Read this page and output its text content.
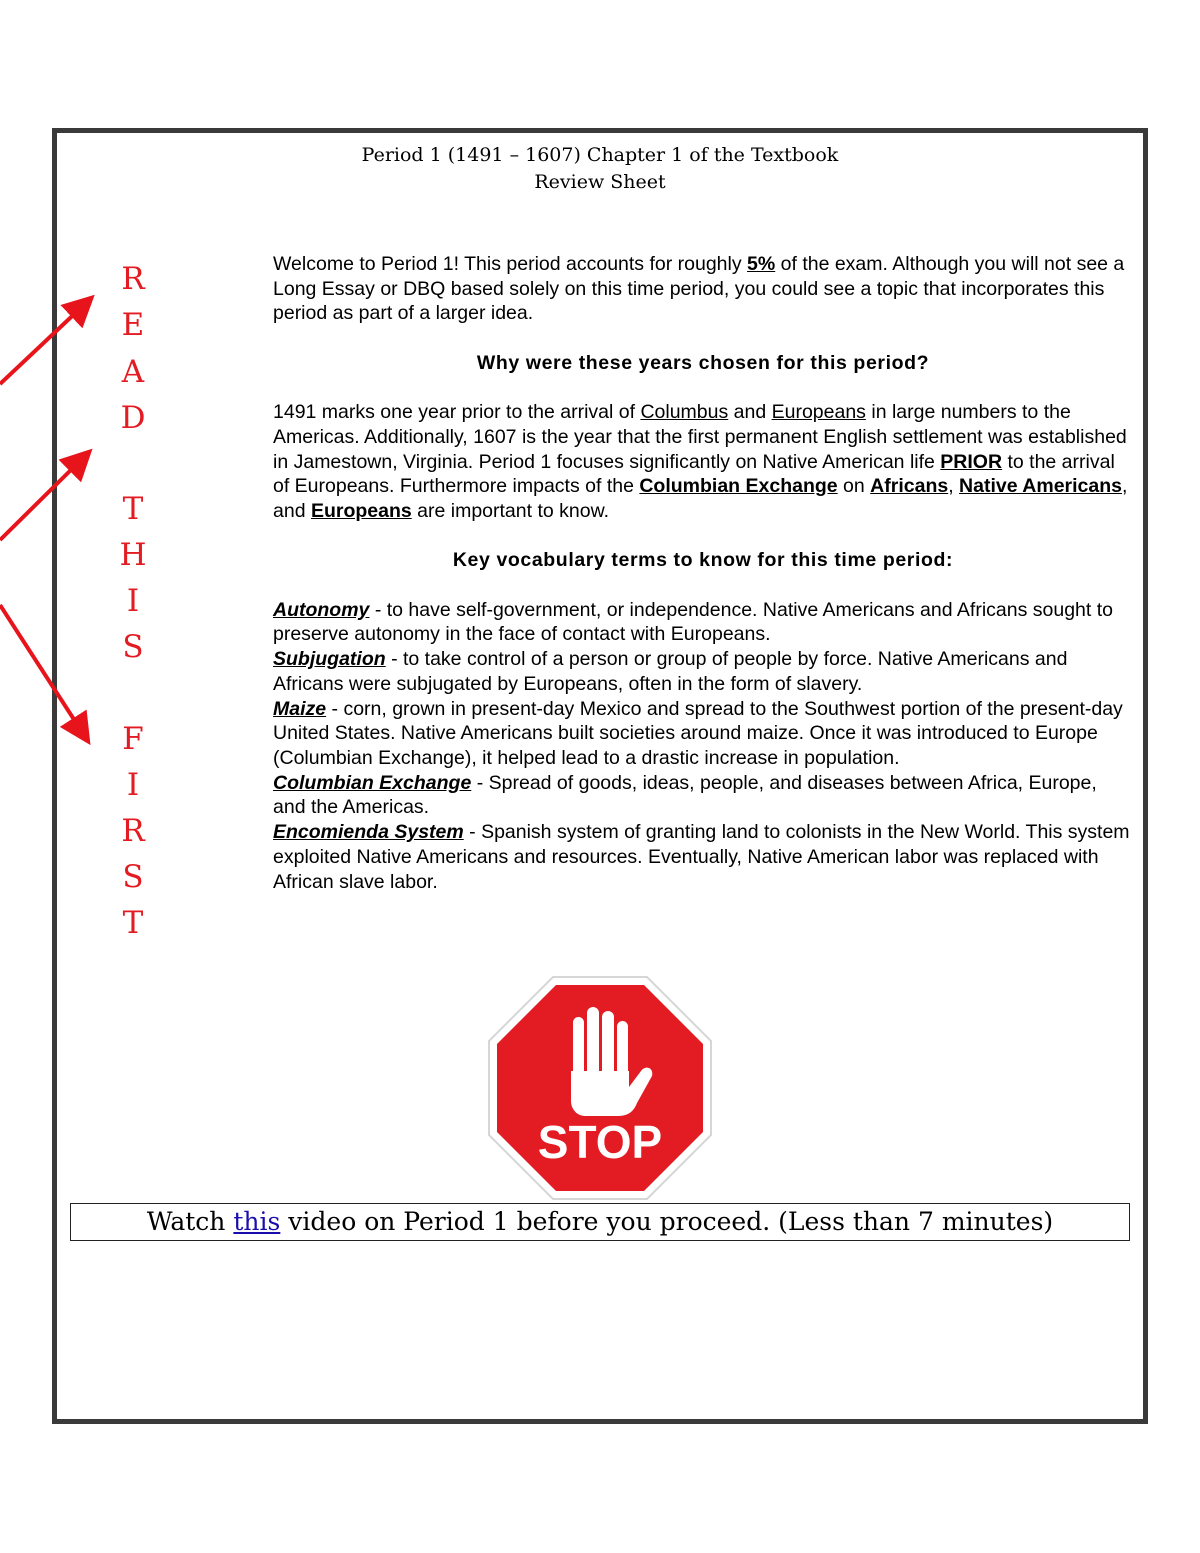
Period 1 (1491 – 1607) Chapter 1 of the Textbook
Review Sheet
R
E
A
D
T
H
I
S
F
I
R
S
T

Welcome to Period 1! This period accounts for roughly 5% of the exam. Although you will not see a Long Essay or DBQ based solely on this time period, you could see a topic that incorporates this period as part of a larger idea.

Why were these years chosen for this period?

1491 marks one year prior to the arrival of Columbus and Europeans in large numbers to the Americas. Additionally, 1607 is the year that the first permanent English settlement was established in Jamestown, Virginia. Period 1 focuses significantly on Native American life PRIOR to the arrival of Europeans. Furthermore impacts of the Columbian Exchange on Africans, Native Americans, and Europeans are important to know.

Key vocabulary terms to know for this time period:

Autonomy - to have self-government, or independence. Native Americans and Africans sought to preserve autonomy in the face of contact with Europeans.

Subjugation - to take control of a person or group of people by force. Native Americans and Africans were subjugated by Europeans, often in the form of slavery.

Maize - corn, grown in present-day Mexico and spread to the Southwest portion of the present-day United States. Native Americans built societies around maize. Once it was introduced to Europe (Columbian Exchange), it helped lead to a drastic increase in population.

Columbian Exchange - Spread of goods, ideas, people, and diseases between Africa, Europe, and the Americas.

Encomienda System - Spanish system of granting land to colonists in the New World. This system exploited Native Americans and resources. Eventually, Native American labor was replaced with African slave labor.

STOP
Watch this video on Period 1 before you proceed. (Less than 7 minutes)
